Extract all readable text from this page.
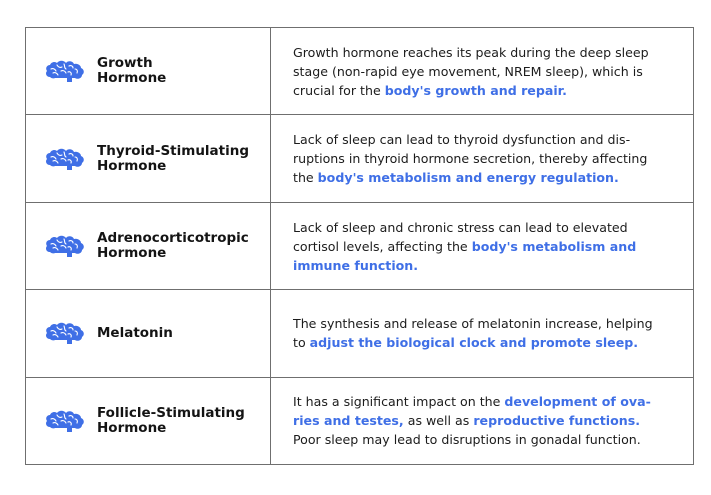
Growth
Hormone

Growth hormone reaches its peak during the deep sleep stage (non-rapid eye movement, NREM sleep), which is crucial for the body's growth and repair.

Thyroid-Stimulating
Hormone

Lack of sleep can lead to thyroid dysfunction and disruptions in thyroid hormone secretion, thereby affecting the body's metabolism and energy regulation.

Adrenocorticotropic
Hormone

Lack of sleep and chronic stress can lead to elevated cortisol levels, affecting the body's metabolism and immune function.

Melatonin

The synthesis and release of melatonin increase, helping to adjust the biological clock and promote sleep.

Follicle-Stimulating
Hormone

It has a significant impact on the development of ovaries and testes, as well as reproductive functions. Poor sleep may lead to disruptions in gonadal function.
